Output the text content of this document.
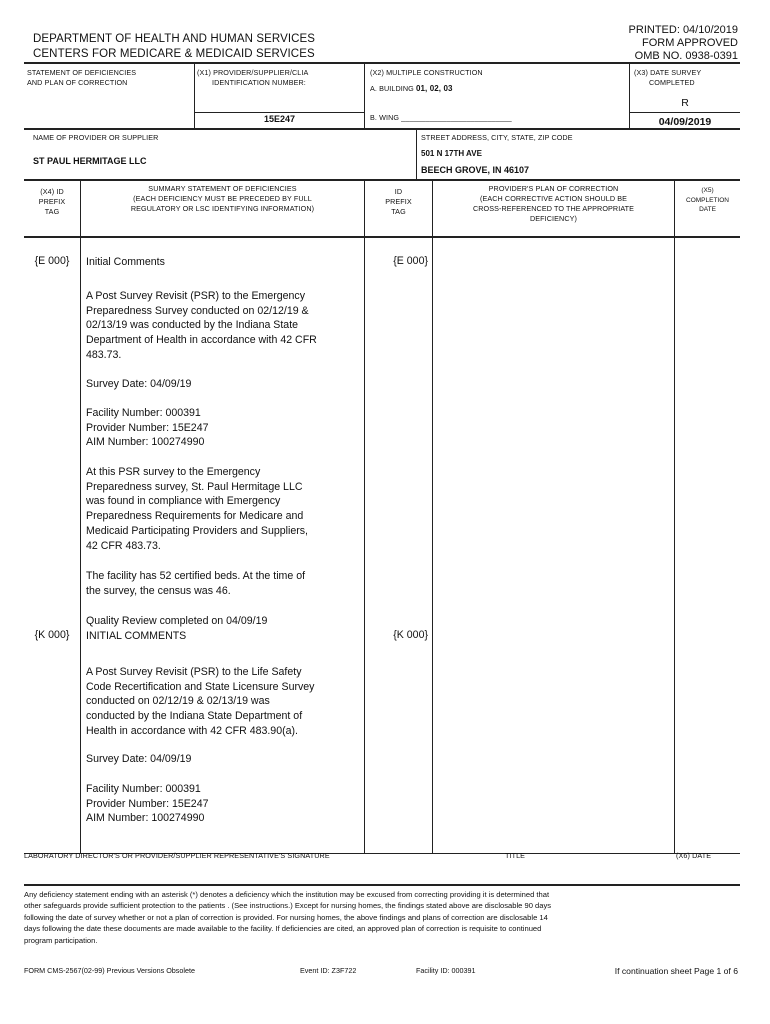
DEPARTMENT OF HEALTH AND HUMAN SERVICES
CENTERS FOR MEDICARE & MEDICAID SERVICES
PRINTED: 04/10/2019
FORM APPROVED
OMB NO. 0938-0391
STATEMENT OF DEFICIENCIES
AND PLAN OF CORRECTION
(X1) PROVIDER/SUPPLIER/CLIA
IDENTIFICATION NUMBER:
15E247
(X2) MULTIPLE CONSTRUCTION
A. BUILDING 01, 02, 03
B. WING ___________________________
(X3) DATE SURVEY
COMPLETED
R
04/09/2019
NAME OF PROVIDER OR SUPPLIER
ST PAUL HERMITAGE LLC
STREET ADDRESS, CITY, STATE, ZIP CODE
501 N 17TH AVE
BEECH GROVE, IN 46107
(X4) ID
PREFIX
TAG
SUMMARY STATEMENT OF DEFICIENCIES
(EACH DEFICIENCY MUST BE PRECEDED BY FULL
REGULATORY OR LSC IDENTIFYING INFORMATION)
ID
PREFIX
TAG
PROVIDER'S PLAN OF CORRECTION
(EACH CORRECTIVE ACTION SHOULD BE
CROSS-REFERENCED TO THE APPROPRIATE
DEFICIENCY)
(X5)
COMPLETION
DATE
{E 000}	Initial Comments	{E 000}
A Post Survey Revisit (PSR) to the Emergency
Preparedness Survey conducted on 02/12/19 &
02/13/19 was conducted by the Indiana State
Department of Health in accordance with 42 CFR
483.73.
Survey Date: 04/09/19
Facility Number: 000391
Provider Number: 15E247
AIM Number: 100274990
At this PSR survey to the Emergency
Preparedness survey, St. Paul Hermitage LLC
was found in compliance with Emergency
Preparedness Requirements for Medicare and
Medicaid Participating Providers and Suppliers,
42 CFR 483.73.
The facility has 52 certified beds. At the time of
the survey, the census was 46.
Quality Review completed on 04/09/19
{K 000}	INITIAL COMMENTS	{K 000}
A Post Survey Revisit (PSR) to the Life Safety
Code Recertification and State Licensure Survey
conducted on 02/12/19 & 02/13/19 was
conducted by the Indiana State Department of
Health in accordance with 42 CFR 483.90(a).
Survey Date: 04/09/19
Facility Number: 000391
Provider Number: 15E247
AIM Number: 100274990
LABORATORY DIRECTOR'S OR PROVIDER/SUPPLIER REPRESENTATIVE'S SIGNATURE	TITLE	(X6) DATE
Any deficiency statement ending with an asterisk (*) denotes a deficiency which the institution may be excused from correcting providing it is determined that
other safeguards provide sufficient protection to the patients . (See instructions.) Except for nursing homes, the findings stated above are disclosable 90 days
following the date of survey whether or not a plan of correction is provided. For nursing homes, the above findings and plans of correction are disclosable 14
days following the date these documents are made available to the facility. If deficiencies are cited, an approved plan of correction is requisite to continued
program participation.
FORM CMS-2567(02-99) Previous Versions Obsolete	Event ID: Z3F722	Facility ID: 000391	If continuation sheet Page 1 of 6
